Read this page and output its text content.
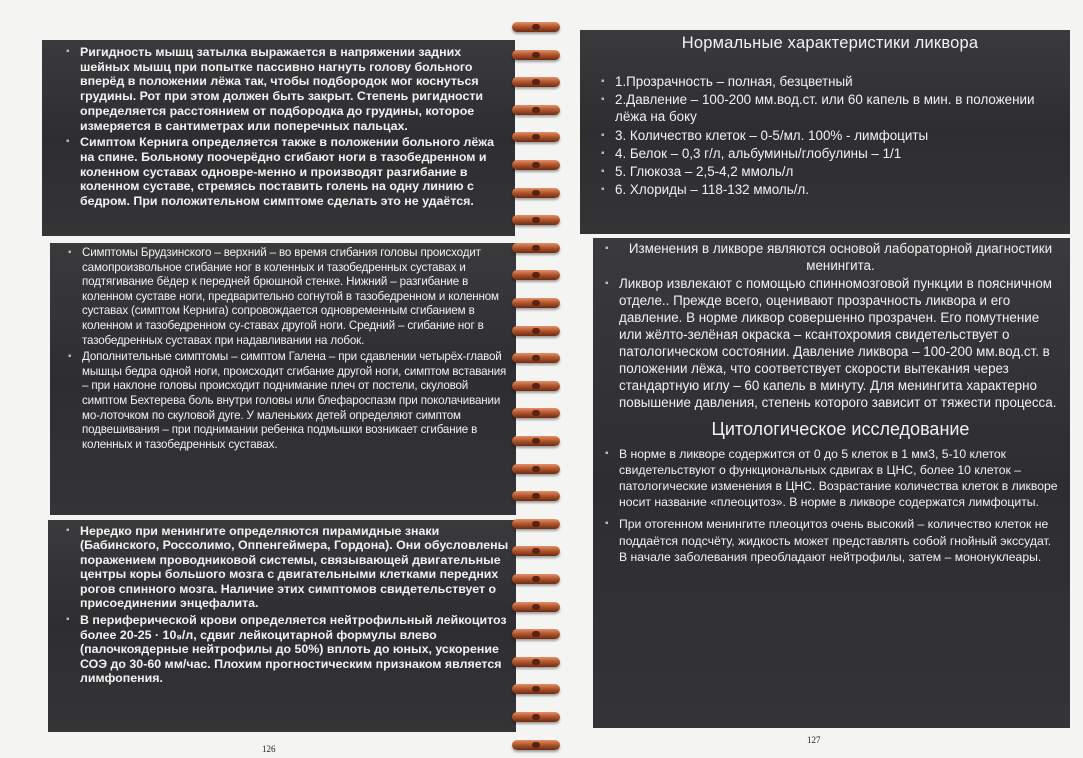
▪ Ригидность мышц затылка выражается в напряжении задних шейных мышц при попытке пассивно нагнуть голову больного вперёд в положении лёжа так, чтобы подбородок мог коснуться грудины. Рот при этом должен быть закрыт. Степень ригидности определяется расстоянием от подбородка до грудины, которое измеряется в сантиметрах или поперечных пальцах.
▪ Симптом Кернига определяется также в положении больного лёжа на спине. Больному поочерёдно сгибают ноги в тазобедренном и коленном суставах одновре-менно и производят разгибание в коленном суставе, стремясь поставить голень на одну линию с бедром. При положительном симптоме сделать это не удаётся.
▪ Симптомы Брудзинского – верхний – во время сгибания головы происходит самопроизвольное сгибание ног в коленных и тазобедренных суставах и подтягивание бёдер к передней брюшной стенке. Нижний – разгибание в коленном суставе ноги, предварительно согнутой в тазобедренном и коленном суставах (симптом Кернига) сопровождается одновременным сгибанием в коленном и тазобедренном су-ставах другой ноги. Средний – сгибание ног в тазобедренных суставах при надавливании на лобок.
▪ Дополнительные симптомы – симптом Галена – при сдавлении четырёх-главой мышцы бедра одной ноги, происходит сгибание другой ноги, симптом вставания – при наклоне головы происходит поднимание плеч от постели, скуловой симптом Бехтерева боль внутри головы или блефароспазм при поколачивании мо-лоточком по скуловой дуге. У маленьких детей определяют симптом подвешивания – при поднимании ребенка подмышки возникает сгибание в коленных и тазобедренных суставах.
▪ Нередко при менингите определяются пирамидные знаки (Бабинского, Россолимо, Оппенгеймера, Гордона). Они обусловлены поражением проводниковой системы, связывающей двигательные центры коры большого мозга с двигательными клетками передних рогов спинного мозга. Наличие этих симптомов свидетельствует о присоединении энцефалита.
▪ В периферической крови определяется нейтрофильный лейкоцитоз более 20-25 · 10₉/л, сдвиг лейкоцитарной формулы влево (палочкоядерные нейтрофилы до 50%) вплоть до юных, ускорение СОЭ до 30-60 мм/час. Плохим прогностическим признаком является лимфопения.
126
Нормальные характеристики ликвора
▪ 1.Прозрачность – полная, безцветный
▪ 2.Давление – 100-200 мм.вод.ст. или 60 капель в мин. в положении лёжа на боку
▪ 3. Количество клеток – 0-5/мл. 100% - лимфоциты
▪ 4. Белок – 0,3 г/л, альбумины/глобулины – 1/1
▪ 5. Глюкоза – 2,5-4,2 ммоль/л
▪ 6. Хлориды – 118-132 ммоль/л.
▪ Изменения в ликворе являются основой лабораторной диагностики менингита.
▪ Ликвор извлекают с помощью спинномозговой пункции в поясничном отделе.. Прежде всего, оценивают прозрачность ликвора и его давление. В норме ликвор совершенно прозрачен. Его помутнение или жёлто-зелёная окраска – ксантохромия свидетельствует о патологическом состоянии. Давление ликвора – 100-200 мм.вод.ст. в положении лёжа, что соответствует скорости вытекания через стандартную иглу – 60 капель в минуту. Для менингита характерно повышение давления, степень которого зависит от тяжести процесса.
Цитологическое исследование
▪ В норме в ликворе содержится от 0 до 5 клеток в 1 мм3, 5-10 клеток свидетельствуют о функциональных сдвигах в ЦНС, более 10 клеток – патологические изменения в ЦНС. Возрастание количества клеток в ликворе носит название «плеоцитоз». В норме в ликворе содержатся лимфоциты.
▪ При отогенном менингите плеоцитоз очень высокий – количество клеток не поддаётся подсчёту, жидкость может представлять собой гнойный экссудат. В начале заболевания преобладают нейтрофилы, затем – мононуклеары.
127
